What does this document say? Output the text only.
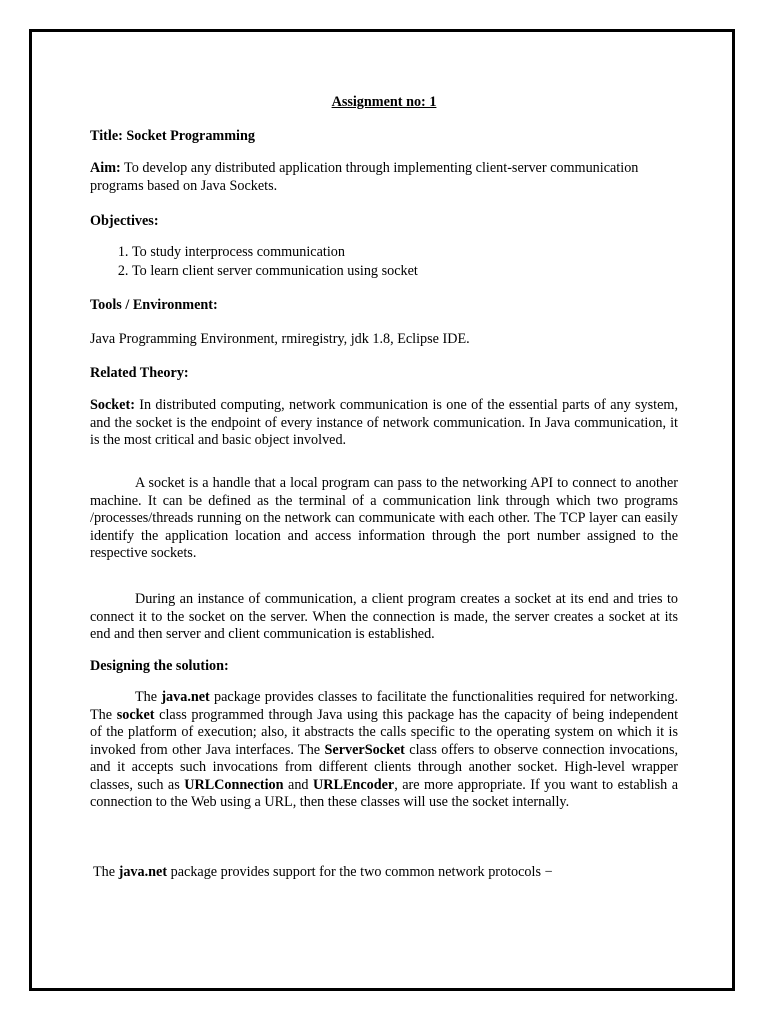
Assignment no: 1

Title: Socket Programming

Aim: To develop any distributed application through implementing client-server communication programs based on Java Sockets.

Objectives:

1. To study interprocess communication
2. To learn client server communication using socket

Tools / Environment:

Java Programming Environment, rmiregistry, jdk 1.8, Eclipse IDE.

Related Theory:

Socket: In distributed computing, network communication is one of the essential parts of any system, and the socket is the endpoint of every instance of network communication. In Java communication, it is the most critical and basic object involved.

A socket is a handle that a local program can pass to the networking API to connect to another machine. It can be defined as the terminal of a communication link through which two programs /processes/threads running on the network can communicate with each other. The TCP layer can easily identify the application location and access information through the port number assigned to the respective sockets.

During an instance of communication, a client program creates a socket at its end and tries to connect it to the socket on the server. When the connection is made, the server creates a socket at its end and then server and client communication is established.

Designing the solution:

The java.net package provides classes to facilitate the functionalities required for networking. The socket class programmed through Java using this package has the capacity of being independent of the platform of execution; also, it abstracts the calls specific to the operating system on which it is invoked from other Java interfaces. The ServerSocket class offers to observe connection invocations, and it accepts such invocations from different clients through another socket. High-level wrapper classes, such as URLConnection and URLEncoder, are more appropriate. If you want to establish a connection to the Web using a URL, then these classes will use the socket internally.

The java.net package provides support for the two common network protocols −
